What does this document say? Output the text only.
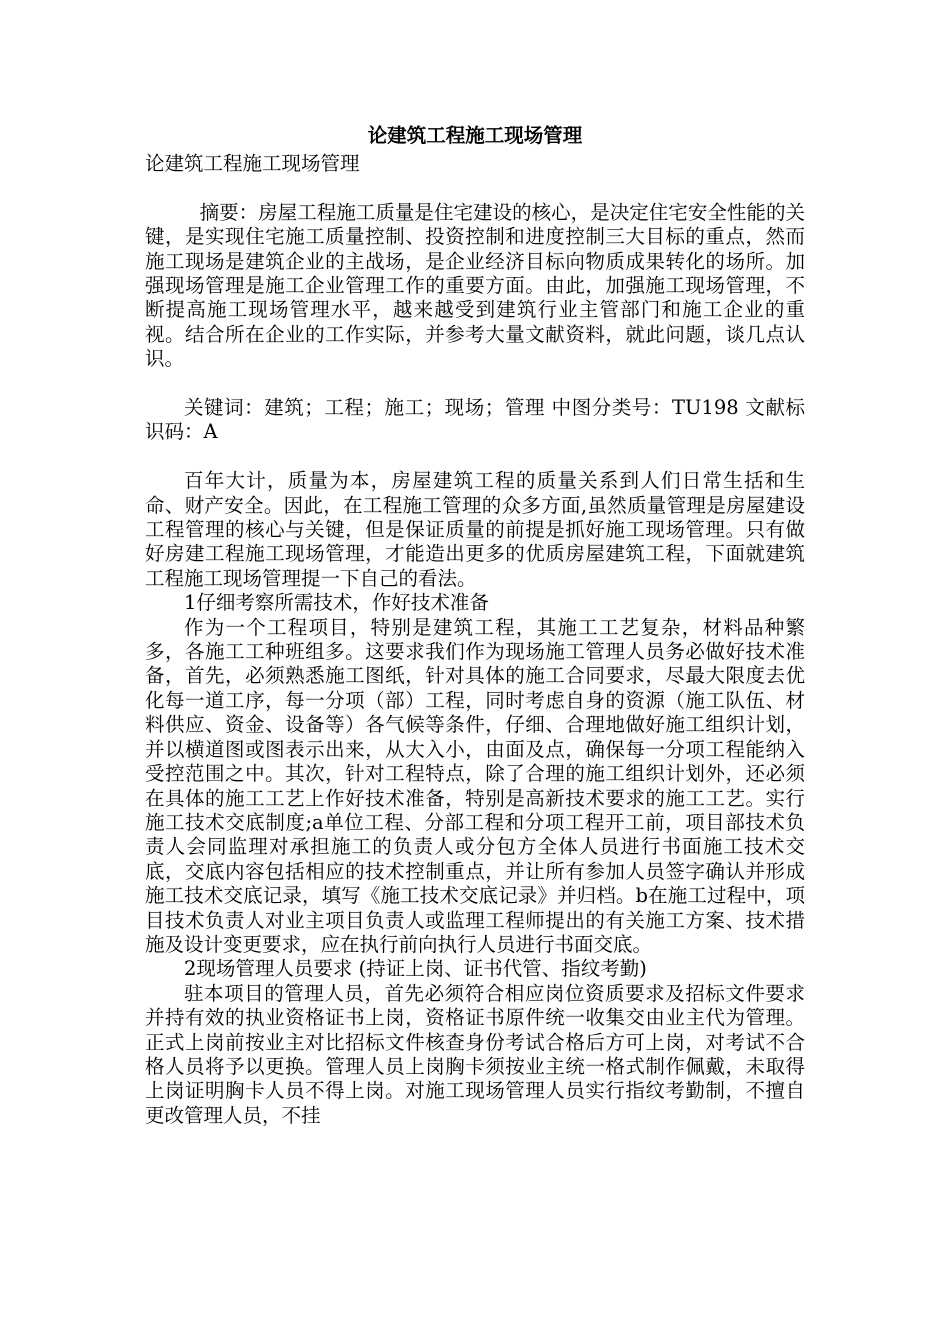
论建筑工程施工现场管理

论建筑工程施工现场管理

摘要：房屋工程施工质量是住宅建设的核心，是决定住宅安全性能的关键，是实现住宅施工质量控制、投资控制和进度控制三大目标的重点，然而施工现场是建筑企业的主战场，是企业经济目标向物质成果转化的场所。加强现场管理是施工企业管理工作的重要方面。由此，加强施工现场管理，不断提高施工现场管理水平，越来越受到建筑行业主管部门和施工企业的重视。结合所在企业的工作实际，并参考大量文献资料，就此问题，谈几点认识。

关键词：建筑；工程；施工；现场；管理 中图分类号：TU198 文献标识码：A

百年大计，质量为本，房屋建筑工程的质量关系到人们日常生括和生命、财产安全。因此，在工程施工管理的众多方面,虽然质量管理是房屋建设工程管理的核心与关键，但是保证质量的前提是抓好施工现场管理。只有做好房建工程施工现场管理，才能造出更多的优质房屋建筑工程，下面就建筑工程施工现场管理提一下自己的看法。

1仔细考察所需技术，作好技术准备

作为一个工程项目，特别是建筑工程，其施工工艺复杂，材料品种繁多，各施工工种班组多。这要求我们作为现场施工管理人员务必做好技术准备，首先，必须熟悉施工图纸，针对具体的施工合同要求，尽最大限度去优化每一道工序，每一分项（部）工程，同时考虑自身的资源（施工队伍、材料供应、资金、设备等）各气候等条件，仔细、合理地做好施工组织计划，并以横道图或图表示出来，从大入小，由面及点，确保每一分项工程能纳入受控范围之中。其次，针对工程特点，除了合理的施工组织计划外，还必须在具体的施工工艺上作好技术准备，特别是高新技术要求的施工工艺。实行施工技术交底制度;a单位工程、分部工程和分项工程开工前，项目部技术负责人会同监理对承担施工的负责人或分包方全体人员进行书面施工技术交底，交底内容包括相应的技术控制重点，并让所有参加人员签字确认并形成施工技术交底记录，填写《施工技术交底记录》并归档。b在施工过程中，项目技术负责人对业主项目负责人或监理工程师提出的有关施工方案、技术措施及设计变更要求，应在执行前向执行人员进行书面交底。

2现场管理人员要求 (持证上岗、证书代管、指纹考勤)

驻本项目的管理人员，首先必须符合相应岗位资质要求及招标文件要求并持有效的执业资格证书上岗，资格证书原件统一收集交由业主代为管理。正式上岗前按业主对比招标文件核查身份考试合格后方可上岗，对考试不合格人员将予以更换。管理人员上岗胸卡须按业主统一格式制作佩戴，未取得上岗证明胸卡人员不得上岗。对施工现场管理人员实行指纹考勤制，不擅自更改管理人员，不挂
